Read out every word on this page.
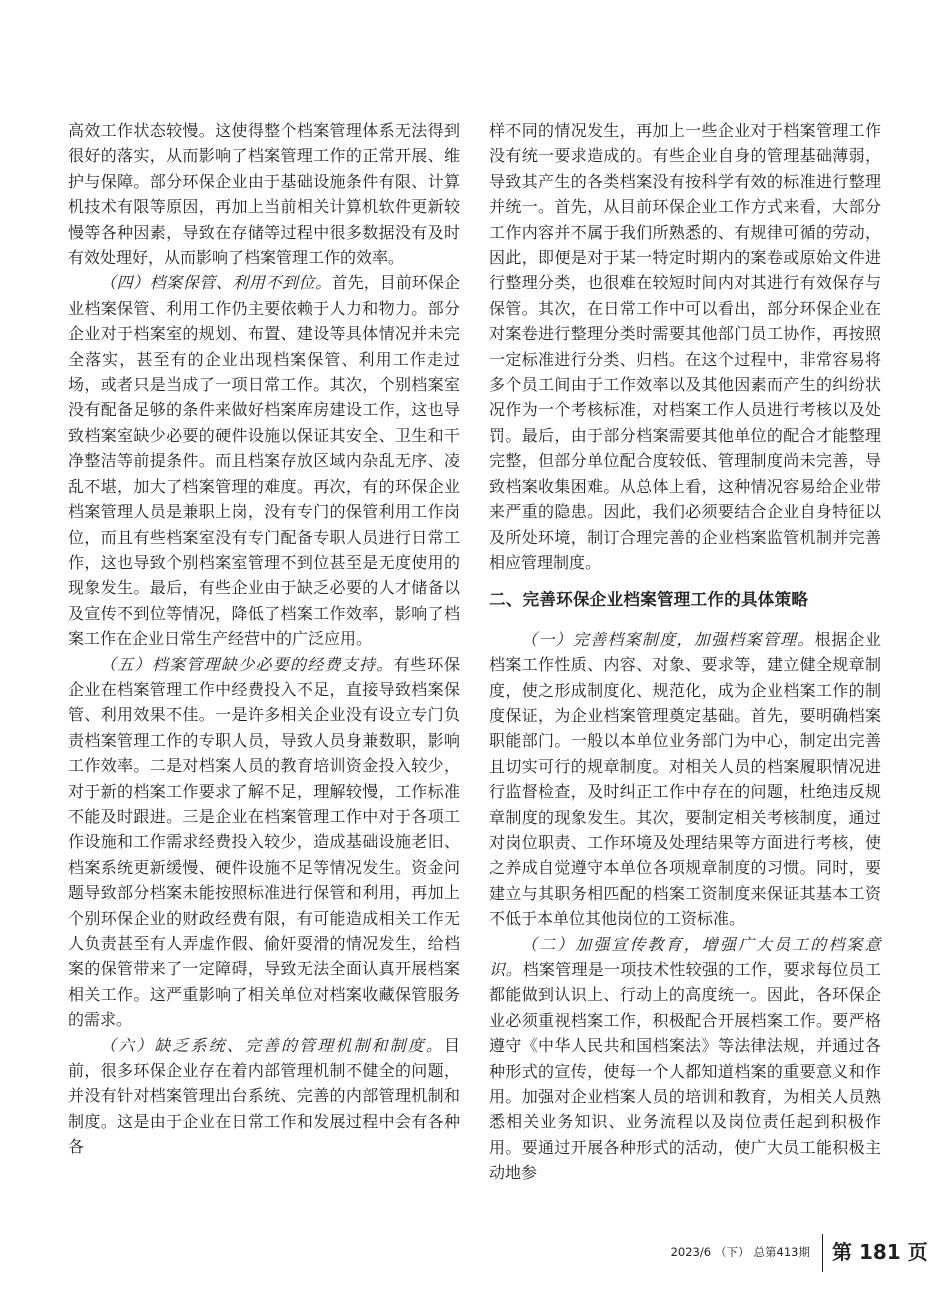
高效工作状态较慢。这使得整个档案管理体系无法得到很好的落实，从而影响了档案管理工作的正常开展、维护与保障。部分环保企业由于基础设施条件有限、计算机技术有限等原因，再加上当前相关计算机软件更新较慢等各种因素，导致在存储等过程中很多数据没有及时有效处理好，从而影响了档案管理工作的效率。

（四）档案保管、利用不到位。首先，目前环保企业档案保管、利用工作仍主要依赖于人力和物力。部分企业对于档案室的规划、布置、建设等具体情况并未完全落实，甚至有的企业出现档案保管、利用工作走过场，或者只是当成了一项日常工作。其次，个别档案室没有配备足够的条件来做好档案库房建设工作，这也导致档案室缺少必要的硬件设施以保证其安全、卫生和干净整洁等前提条件。而且档案存放区域内杂乱无序、凌乱不堪，加大了档案管理的难度。再次，有的环保企业档案管理人员是兼职上岗，没有专门的保管利用工作岗位，而且有些档案室没有专门配备专职人员进行日常工作，这也导致个别档案室管理不到位甚至是无度使用的现象发生。最后，有些企业由于缺乏必要的人才储备以及宣传不到位等情况，降低了档案工作效率，影响了档案工作在企业日常生产经营中的广泛应用。

（五）档案管理缺少必要的经费支持。有些环保企业在档案管理工作中经费投入不足，直接导致档案保管、利用效果不佳。一是许多相关企业没有设立专门负责档案管理工作的专职人员，导致人员身兼数职，影响工作效率。二是对档案人员的教育培训资金投入较少，对于新的档案工作要求了解不足，理解较慢，工作标准不能及时跟进。三是企业在档案管理工作中对于各项工作设施和工作需求经费投入较少，造成基础设施老旧、档案系统更新缓慢、硬件设施不足等情况发生。资金问题导致部分档案未能按照标准进行保管和利用，再加上个别环保企业的财政经费有限，有可能造成相关工作无人负责甚至有人弄虚作假、偷奸耍滑的情况发生，给档案的保管带来了一定障碍，导致无法全面认真开展档案相关工作。这严重影响了相关单位对档案收藏保管服务的需求。

（六）缺乏系统、完善的管理机制和制度。目前，很多环保企业存在着内部管理机制不健全的问题，并没有针对档案管理出台系统、完善的内部管理机制和制度。这是由于企业在日常工作和发展过程中会有各种各

样不同的情况发生，再加上一些企业对于档案管理工作没有统一要求造成的。有些企业自身的管理基础薄弱，导致其产生的各类档案没有按科学有效的标准进行整理并统一。首先，从目前环保企业工作方式来看，大部分工作内容并不属于我们所熟悉的、有规律可循的劳动，因此，即便是对于某一特定时期内的案卷或原始文件进行整理分类，也很难在较短时间内对其进行有效保存与保管。其次，在日常工作中可以看出，部分环保企业在对案卷进行整理分类时需要其他部门员工协作，再按照一定标准进行分类、归档。在这个过程中，非常容易将多个员工间由于工作效率以及其他因素而产生的纠纷状况作为一个考核标准，对档案工作人员进行考核以及处罚。最后，由于部分档案需要其他单位的配合才能整理完整，但部分单位配合度较低、管理制度尚未完善，导致档案收集困难。从总体上看，这种情况容易给企业带来严重的隐患。因此，我们必须要结合企业自身特征以及所处环境，制订合理完善的企业档案监管机制并完善相应管理制度。

二、完善环保企业档案管理工作的具体策略

（一）完善档案制度，加强档案管理。根据企业档案工作性质、内容、对象、要求等，建立健全规章制度，使之形成制度化、规范化，成为企业档案工作的制度保证，为企业档案管理奠定基础。首先，要明确档案职能部门。一般以本单位业务部门为中心，制定出完善且切实可行的规章制度。对相关人员的档案履职情况进行监督检查，及时纠正工作中存在的问题，杜绝违反规章制度的现象发生。其次，要制定相关考核制度，通过对岗位职责、工作环境及处理结果等方面进行考核，使之养成自觉遵守本单位各项规章制度的习惯。同时，要建立与其职务相匹配的档案工资制度来保证其基本工资不低于本单位其他岗位的工资标准。

（二）加强宣传教育，增强广大员工的档案意识。档案管理是一项技术性较强的工作，要求每位员工都能做到认识上、行动上的高度统一。因此，各环保企业必须重视档案工作，积极配合开展档案工作。要严格遵守《中华人民共和国档案法》等法律法规，并通过各种形式的宣传，使每一个人都知道档案的重要意义和作用。加强对企业档案人员的培训和教育，为相关人员熟悉相关业务知识、业务流程以及岗位责任起到积极作用。要通过开展各种形式的活动，使广大员工能积极主动地参

2023/6 （下） 总第413期 第 181 页
